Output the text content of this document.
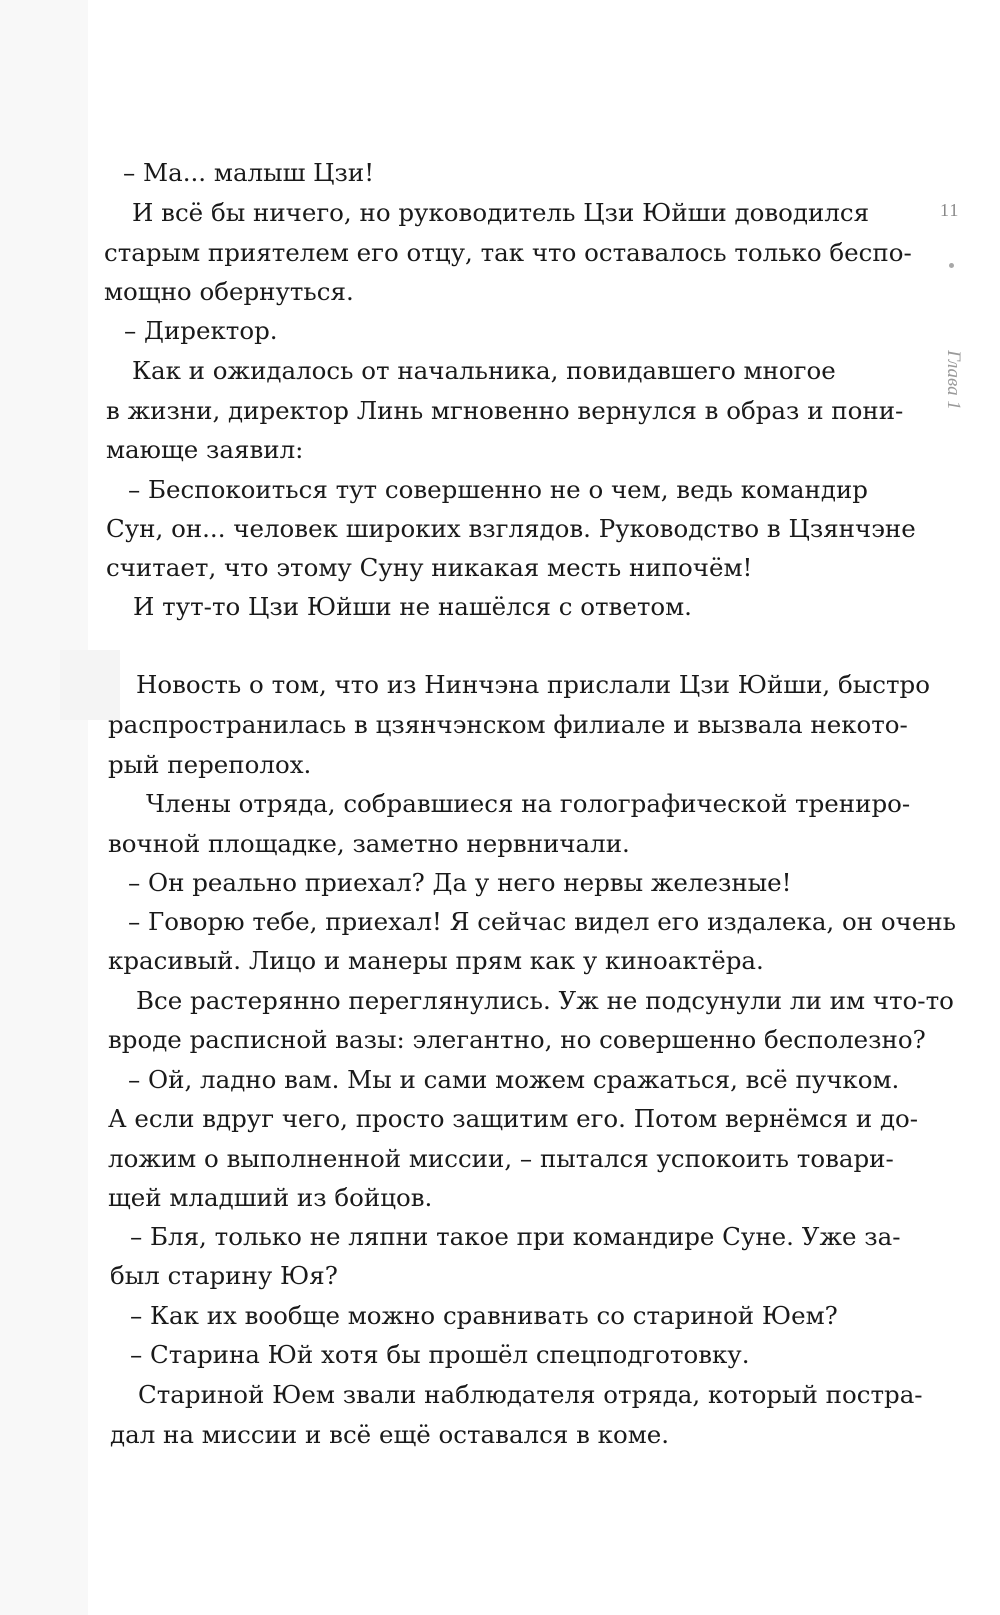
11
Глава 1
– Ма... малыш Цзи!
И всё бы ничего, но руководитель Цзи Юйши доводился
старым приятелем его отцу, так что оставалось только беспо-
мощно обернуться.
– Директор.
Как и ожидалось от начальника, повидавшего многое
в жизни, директор Линь мгновенно вернулся в образ и пони-
мающе заявил:
– Беспокоиться тут совершенно не о чем, ведь командир
Сун, он... человек широких взглядов. Руководство в Цзянчэне
считает, что этому Суну никакая месть нипочём!
И тут-то Цзи Юйши не нашёлся с ответом.
Новость о том, что из Нинчэна прислали Цзи Юйши, быстро
распространилась в цзянчэнском филиале и вызвала некото-
рый переполох.
Члены отряда, собравшиеся на голографической трениро-
вочной площадке, заметно нервничали.
– Он реально приехал? Да у него нервы железные!
– Говорю тебе, приехал! Я сейчас видел его издалека, он очень
красивый. Лицо и манеры прям как у киноактёра.
Все растерянно переглянулись. Уж не подсунули ли им что-то
вроде расписной вазы: элегантно, но совершенно бесполезно?
– Ой, ладно вам. Мы и сами можем сражаться, всё пучком.
А если вдруг чего, просто защитим его. Потом вернёмся и до-
ложим о выполненной миссии, – пытался успокоить товари-
щей младший из бойцов.
– Бля, только не ляпни такое при командире Суне. Уже за-
был старину Юя?
– Как их вообще можно сравнивать со стариной Юем?
– Старина Юй хотя бы прошёл спецподготовку.
Стариной Юем звали наблюдателя отряда, который постра-
дал на миссии и всё ещё оставался в коме.
